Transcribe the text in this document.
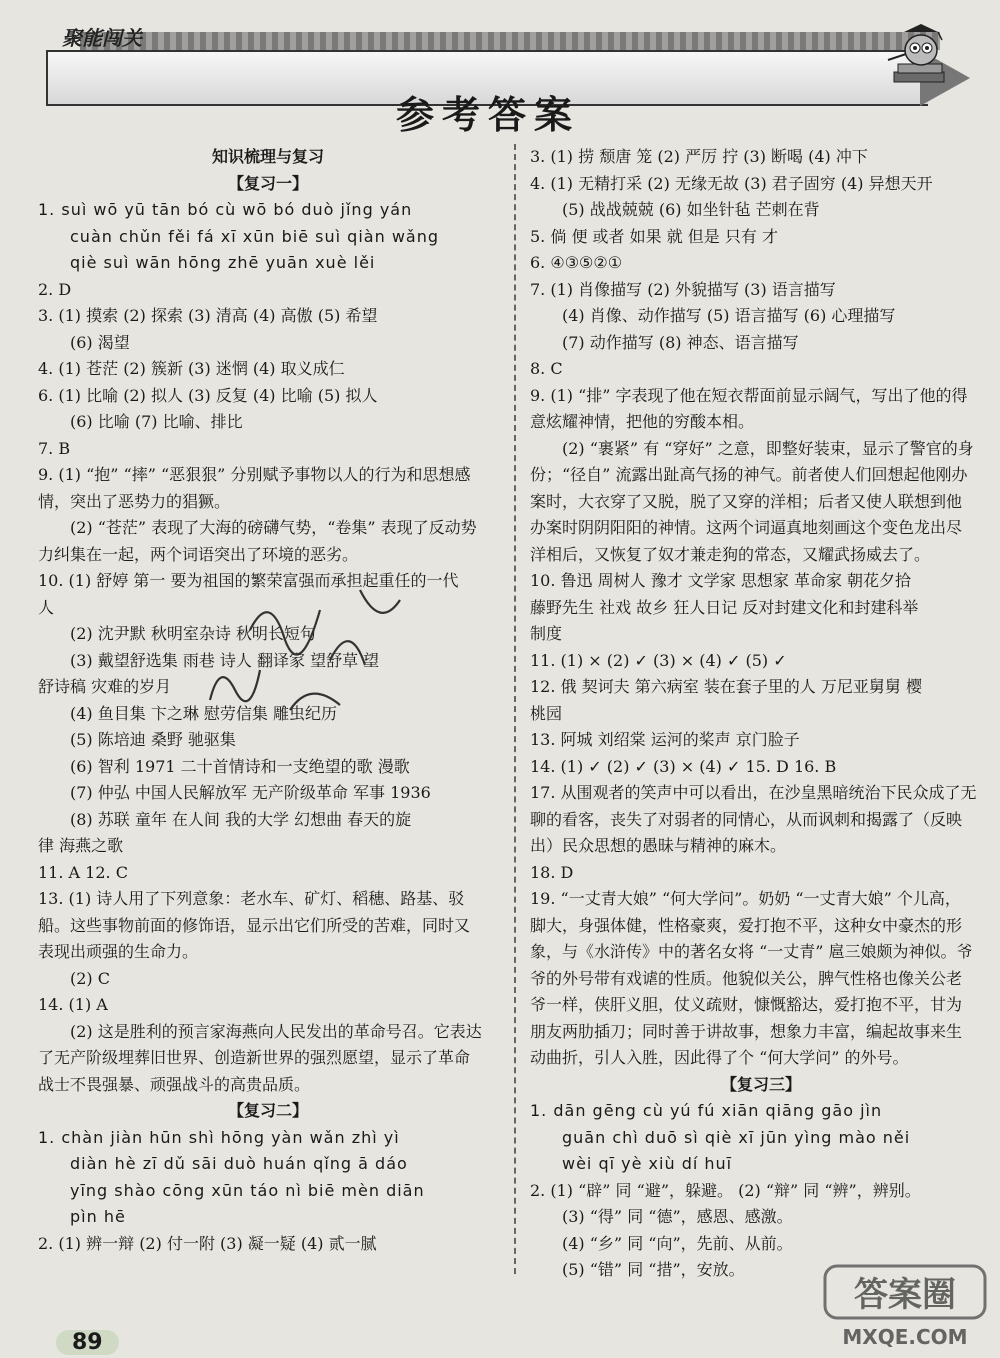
参考答案
聚能闯关
知识梳理与复习
【复习一】
1. suì wō yū tān bó cù wō bó duò jǐng yán
cuàn chǔn fěi fá xī xūn biē suì qiàn wǎng
qiè suì wān hōng zhē yuān xuè lěi
2. D
3. (1) 摸索 (2) 探索 (3) 清高 (4) 高傲 (5) 希望
(6) 渴望
4. (1) 苍茫 (2) 簇新 (3) 迷惘 (4) 取义成仁
6. (1) 比喻 (2) 拟人 (3) 反复 (4) 比喻 (5) 拟人
(6) 比喻 (7) 比喻、排比
7. B
9. (1) “抱” “摔” “恶狠狠” 分别赋予事物以人的行为和思想感
情，突出了恶势力的猖獗。
(2) “苍茫” 表现了大海的磅礴气势，“卷集” 表现了反动势
力纠集在一起，两个词语突出了环境的恶劣。
10. (1) 舒婷 第一 要为祖国的繁荣富强而承担起重任的一代
人
(2) 沈尹默 秋明室杂诗 秋明长短句
(3) 戴望舒选集 雨巷 诗人 翻译家 望舒草 望
舒诗稿 灾难的岁月
(4) 鱼目集 卞之琳 慰劳信集 雕虫纪历
(5) 陈培迪 桑野 驰驱集
(6) 智利 1971 二十首情诗和一支绝望的歌 漫歌
(7) 仲弘 中国人民解放军 无产阶级革命 军事 1936
(8) 苏联 童年 在人间 我的大学 幻想曲 春天的旋
律 海燕之歌
11. A 12. C
13. (1) 诗人用了下列意象：老水车、矿灯、稻穗、路基、驳
船。这些事物前面的修饰语，显示出它们所受的苦难，同时又
表现出顽强的生命力。
(2) C
14. (1) A
(2) 这是胜利的预言家海燕向人民发出的革命号召。它表达
了无产阶级埋葬旧世界、创造新世界的强烈愿望，显示了革命
战士不畏强暴、顽强战斗的高贵品质。
【复习二】
1. chàn jiàn hūn shì hōng yàn wǎn zhì yì
diàn hè zī dǔ sāi duò huán qǐng ā dáo
yīng shào cōng xūn táo nì biē mèn diān
pìn hē
2. (1) 辨一辩 (2) 付一附 (3) 凝一疑 (4) 贰一腻
3. (1) 捞 颓唐 笼 (2) 严厉 拧 (3) 断喝 (4) 冲下
4. (1) 无精打采 (2) 无缘无故 (3) 君子固穷 (4) 异想天开
(5) 战战兢兢 (6) 如坐针毡 芒刺在背
5. 倘 便 或者 如果 就 但是 只有 才
6. ④③⑤②①
7. (1) 肖像描写 (2) 外貌描写 (3) 语言描写
(4) 肖像、动作描写 (5) 语言描写 (6) 心理描写
(7) 动作描写 (8) 神态、语言描写
8. C
9. (1) “排” 字表现了他在短衣帮面前显示阔气，写出了他的得
意炫耀神情，把他的穷酸本相。
(2) “裹紧” 有 “穿好” 之意，即整好装束，显示了警官的身
份；“径自” 流露出趾高气扬的神气。前者使人们回想起他刚办
案时，大衣穿了又脱，脱了又穿的洋相；后者又使人联想到他
办案时阴阴阳阳的神情。这两个词逼真地刻画这个变色龙出尽
洋相后，又恢复了奴才兼走狗的常态，又耀武扬威去了。
10. 鲁迅 周树人 豫才 文学家 思想家 革命家 朝花夕拾
藤野先生 社戏 故乡 狂人日记 反对封建文化和封建科举
制度
11. (1) × (2) ✓ (3) × (4) ✓ (5) ✓
12. 俄 契诃夫 第六病室 装在套子里的人 万尼亚舅舅 樱
桃园
13. 阿城 刘绍棠 运河的桨声 京门脸子
14. (1) ✓ (2) ✓ (3) × (4) ✓ 15. D 16. B
17. 从围观者的笑声中可以看出，在沙皇黑暗统治下民众成了无
聊的看客，丧失了对弱者的同情心，从而讽刺和揭露了（反映
出）民众思想的愚昧与精神的麻木。
18. D
19. “一丈青大娘” “何大学问”。奶奶 “一丈青大娘” 个儿高，
脚大，身强体健，性格豪爽，爱打抱不平，这种女中豪杰的形
象，与《水浒传》中的著名女将 “一丈青” 扈三娘颇为神似。爷
爷的外号带有戏谑的性质。他貌似关公，脾气性格也像关公老
爷一样，侠肝义胆，仗义疏财，慷慨豁达，爱打抱不平，甘为
朋友两肋插刀；同时善于讲故事，想象力丰富，编起故事来生
动曲折，引人入胜，因此得了个 “何大学问” 的外号。
【复习三】
1. dān gēng cù yú fú xiān qiāng gāo jìn
guān chì duō sì qiè xī jūn yìng mào něi
wèi qī yè xiù dí huī
2. (1) “辟” 同 “避”，躲避。 (2) “辩” 同 “辨”，辨别。
(3) “得” 同 “德”，感恩、感激。
(4) “乡” 同 “向”，先前、从前。
(5) “错” 同 “措”，安放。
89
答案圈
MXQE.COM
